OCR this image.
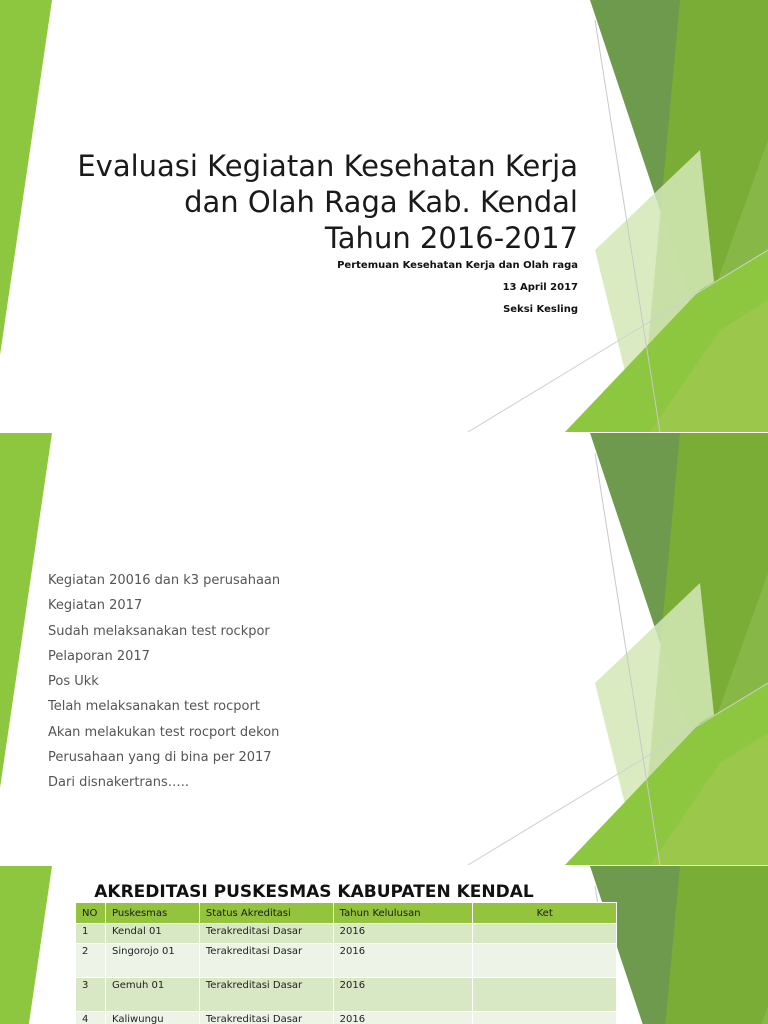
Evaluasi Kegiatan Kesehatan Kerja
dan Olah Raga Kab. Kendal
Tahun 2016-2017

Pertemuan Kesehatan Kerja dan Olah raga

13 April 2017

Seksi Kesling

Kegiatan 20016 dan k3 perusahaan
Kegiatan 2017
Sudah melaksanakan test rockpor
Pelaporan 2017
Pos Ukk
Telah melaksanakan test rocport
Akan melakukan test rocport dekon
Perusahaan yang di bina per 2017
Dari disnakertrans…..
AKREDITASI PUSKESMAS KABUPATEN KENDAL
NO	Puskesmas	Status Akreditasi	Tahun Kelulusan	Ket
1	Kendal 01	Terakreditasi Dasar	2016	
2	Singorojo 01	Terakreditasi Dasar	2016	
3	Gemuh 01	Terakreditasi Dasar	2016	
4	Kaliwungu	Terakreditasi Dasar	2016	
